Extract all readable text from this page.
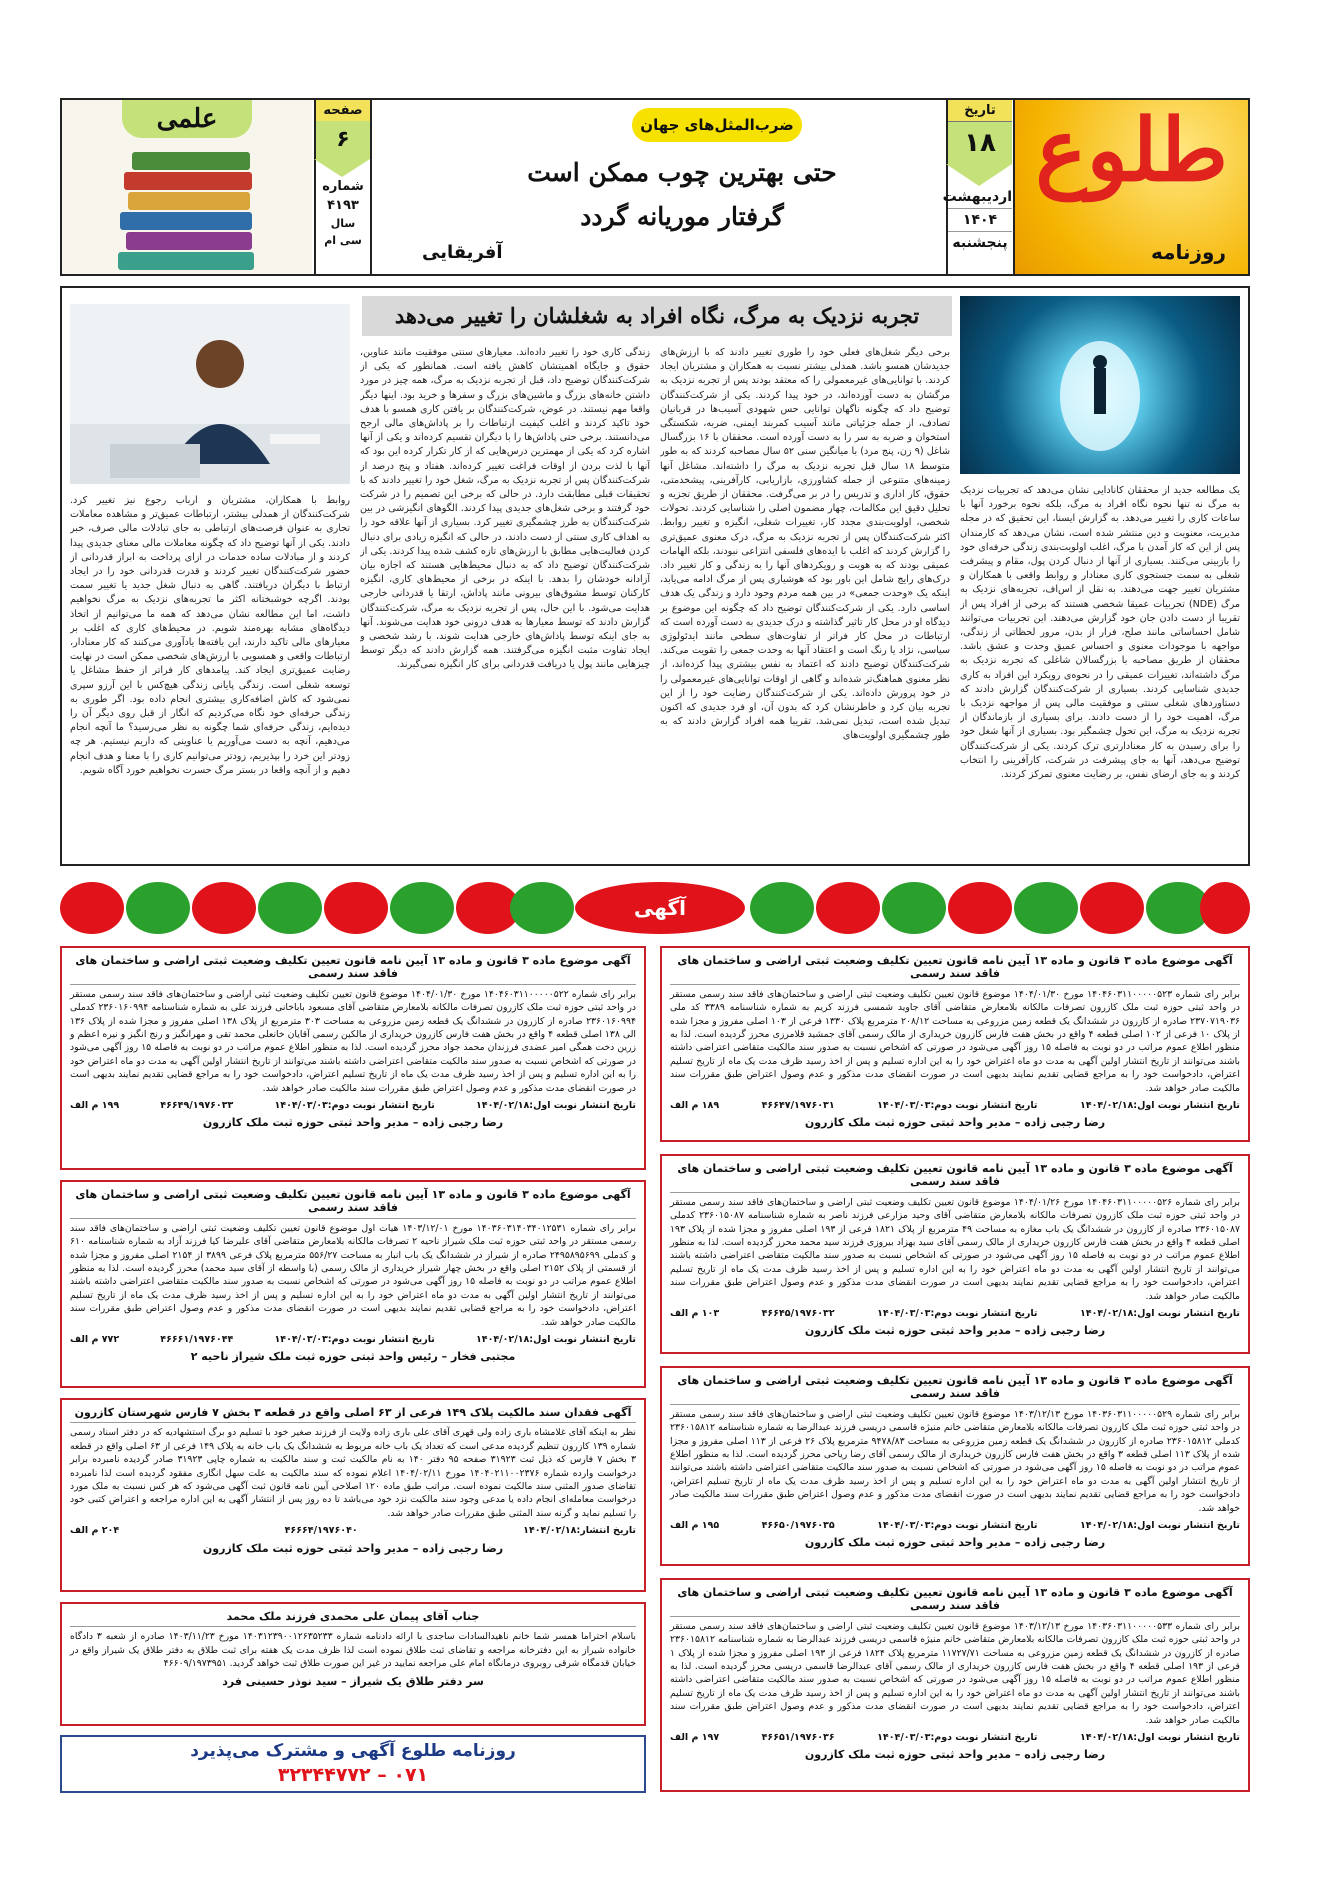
طلوع
روزنامه
تاریخ
۱۸
اردیبهشت
۱۴۰۴
پنجشنبه
ضرب‌المثل‌های جهان
حتی بهترین چوب ممکن است
گرفتار موریانه گردد
آفریقایی
صفحه
۶
شماره
۴۱۹۳
سال
سی ام
علمی
تجربه نزدیک به مرگ، نگاه افراد به شغلشان را تغییر می‌دهد
یک مطالعه جدید از محققان کانادایی نشان می‌دهد که تجربیات نزدیک به مرگ نه تنها نحوه نگاه افراد به مرگ، بلکه نحوه برخورد آنها با ساعات کاری را تغییر می‌دهد. به گزارش ایسنا، این تحقیق که در مجله مدیریت، معنویت و دین منتشر شده است، نشان می‌دهد که کارمندان پس از این که کار آمدن با مرگ، اغلب اولویت‌بندی زندگی حرفه‌ای خود را بازبینی می‌کنند. بسیاری از آنها از دنبال کردن پول، مقام و پیشرفت شغلی به سمت جستجوی کاری معنادار و روابط واقعی با همکاران و مشتریان تغییر جهت می‌دهند. به نقل از اس‌اف، تجربه‌های نزدیک به مرگ (NDE) تجربیات عمیقا شخصی هستند که برخی از افراد پس از تقریبا از دست دادن جان خود گزارش می‌دهند. این تجربیات می‌توانند شامل احساساتی مانند صلح، فرار از بدن، مرور لحظاتی از زندگی، مواجهه با موجودات معنوی و احساس عمیق وحدت و عشق باشد. محققان از طریق مصاحبه با بزرگسالان شاغلی که تجربه نزدیک به مرگ داشته‌اند، تغییرات عمیقی را در نحوه‌ی رویکرد این افراد به کاری جدیدی شناسایی کردند. بسیاری از شرکت‌کنندگان گزارش دادند که دستاوردهای شغلی سنتی و موفقیت مالی پس از مواجهه نزدیک با مرگ، اهمیت خود را از دست دادند. برای بسیاری از بازماندگان از تجربه نزدیک به مرگ، این تحول چشمگیر بود. بسیاری از آنها شغل خود را برای رسیدن به کار معنادارتری ترک کردند. یکی از شرکت‌کنندگان توضیح می‌دهد، آنها به جای پیشرفت در شرکت، کارآفرینی را انتخاب کردند و به جای ارضای نفس، بر رضایت معنوی تمرکز کردند.
برخی دیگر شغل‌های فعلی خود را طوری تغییر دادند که با ارزش‌های جدیدشان همسو باشد. همدلی بیشتر نسبت به همکاران و مشتریان ایجاد کردند. با توانایی‌های غیرمعمولی را که معتقد بودند پس از تجربه نزدیک به مرگشان به دست آورده‌اند، در خود پیدا کردند. یکی از شرکت‌کنندگان توضیح داد که چگونه ناگهان توانایی حس شهودی آسیب‌ها در قربانیان تصادف، از جمله جزئیاتی مانند آسیب کمربند ایمنی، ضربه، شکستگی استخوان و ضربه به سر را به دست آورده است. محققان با ۱۶ بزرگسال شاغل (۹ زن، پنج مرد) با میانگین سنی ۵۲ سال مصاحبه کردند که به طور متوسط ۱۸ سال قبل تجربه نزدیک به مرگ را داشته‌اند. مشاغل آنها زمینه‌های متنوعی از جمله کشاورزی، بازاریابی، کارآفرینی، پیشخدمتی، حقوق، کار اداری و تدریس را در بر می‌گرفت. محققان از طریق تجزیه و تحلیل دقیق این مکالمات، چهار مضمون اصلی را شناسایی کردند. تحولات شخصی، اولویت‌بندی مجدد کار، تغییرات شغلی، انگیزه و تغییر روابط. اکثر شرکت‌کنندگان پس از تجربه نزدیک به مرگ، درک معنوی عمیق‌تری را گزارش کردند که اغلب با ایده‌های فلسفی انتزاعی نبودند، بلکه الهامات عمیقی بودند که به هویت و رویکردهای آنها را به زندگی و کار تغییر داد. درک‌های رایج شامل این باور بود که هوشیاری پس از مرگ ادامه می‌یابد، اینکه یک «وحدت جمعی» در بین همه مردم وجود دارد و زندگی یک هدف اساسی دارد. یکی از شرکت‌کنندگان توضیح داد که چگونه این موضوع بر دیدگاه او در محل کار تاثیر گذاشته و درک جدیدی به دست آورده است که ارتباطات در محل کار فراتر از تفاوت‌های سطحی مانند ایدئولوژی سیاسی، نژاد یا رنگ است و اعتقاد آنها به وحدت جمعی را تقویت می‌کند. شرکت‌کنندگان توضیح دادند که اعتماد به نفس بیشتری پیدا کرده‌اند، از نظر معنوی هماهنگ‌تر شده‌اند و گاهی از اوقات توانایی‌های غیرمعمولی را در خود پرورش داده‌اند. یکی از شرکت‌کنندگان رضایت خود را از این تجربه بیان کرد و خاطرنشان کرد که بدون آن، او فرد جدیدی که اکنون تبدیل شده است، تبدیل نمی‌شد. تقریبا همه افراد گزارش دادند که به طور چشمگیری اولویت‌های
زندگی کاری خود را تغییر داده‌اند. معیارهای سنتی موفقیت مانند عناوین، حقوق و جایگاه اهمیتشان کاهش یافته است. همانطور که یکی از شرکت‌کنندگان توضیح داد، قبل از تجربه نزدیک به مرگ، همه چیز در مورد داشتن خانه‌های بزرگ و ماشین‌های بزرگ و سفرها و خرید بود. اینها دیگر واقعا مهم نیستند. در عوض، شرکت‌کنندگان بر یافتن کاری همسو با هدف خود تاکید کردند و اغلب کیفیت ارتباطات را بر پاداش‌های مالی ارجح می‌دانستند. برخی حتی پاداش‌ها را با دیگران تقسیم کرده‌اند و یکی از آنها اشاره کرد که یکی از مهمترین درس‌هایی که از کار تکرار کرده این بود که آنها با لذت بردن از اوقات فراغت تغییر کرده‌اند. هفتاد و پنج درصد از شرکت‌کنندگان پس از تجربه نزدیک به مرگ، شغل خود را تغییر دادند که با تحقیقات قبلی مطابقت دارد. در حالی که برخی این تصمیم را در شرکت خود گرفتند و برخی شغل‌های جدیدی پیدا کردند. الگوهای انگیزشی در بین شرکت‌کنندگان به طرز چشمگیری تغییر کرد. بسیاری از آنها علاقه خود را به اهداف کاری سنتی از دست دادند، در حالی که انگیزه زیادی برای دنبال کردن فعالیت‌هایی مطابق با ارزش‌های تازه کشف شده پیدا کردند. یکی از شرکت‌کنندگان توضیح داد که به دنبال محیط‌هایی هستند که اجازه بیان آزادانه خودشان را بدهد. با اینکه در برخی از محیط‌های کاری، انگیزه کارکنان توسط مشوق‌های بیرونی مانند پاداش، ارتقا یا قدردانی خارجی هدایت می‌شود. با این حال، پس از تجربه نزدیک به مرگ، شرکت‌کنندگان گزارش دادند که توسط معیارها به هدف درونی خود هدایت می‌شوند. آنها به جای اینکه توسط پاداش‌های خارجی هدایت شوند، با رشد شخصی و ایجاد تفاوت مثبت انگیزه می‌گرفتند. همه گزارش دادند که دیگر توسط چیزهایی مانند پول یا دریافت قدردانی برای کار انگیزه نمی‌گیرند.
روابط با همکاران، مشتریان و ارباب رجوع نیز تغییر کرد. شرکت‌کنندگان از همدلی بیشتر، ارتباطات عمیق‌تر و مشاهده معاملات تجاری به عنوان فرصت‌های ارتباطی به جای تبادلات مالی صرف، خبر دادند. یکی از آنها توضیح داد که چگونه معاملات مالی معنای جدیدی پیدا کردند و از مبادلات ساده خدمات در ازای پرداخت به ابراز قدردانی از حضور شرکت‌کنندگان تغییر کردند و قدرت قدردانی خود را در ایجاد ارتباط با دیگران دریافتند. گاهی به دنبال شغل جدید یا تغییر سمت بودند. اگرچه خوشبختانه اکثر ما تجربه‌های نزدیک به مرگ نخواهیم داشت، اما این مطالعه نشان می‌دهد که همه ما می‌توانیم از اتخاذ دیدگاه‌های مشابه بهره‌مند شویم. در محیط‌های کاری که اغلب بر معیارهای مالی تاکید دارند، این یافته‌ها یادآوری می‌کنند که کار معنادار، ارتباطات واقعی و همسویی با ارزش‌های شخصی ممکن است در نهایت رضایت عمیق‌تری ایجاد کند. پیامدهای کار فراتر از حفظ مشاغل یا توسعه شغلی است. زندگی پایانی زندگی هیچ‌کس با این آرزو سپری نمی‌شود که کاش اضافه‌کاری بیشتری انجام داده بود. اگر طوری به زندگی حرفه‌ای خود نگاه می‌کردیم که انگار از قبل روی دیگر آن را دیده‌ایم، زندگی حرفه‌ای شما چگونه به نظر می‌رسید؟ ما آنچه انجام می‌دهیم، آنچه به دست می‌آوریم یا عناوینی که داریم نیستیم. هر چه زودتر این خرد را بپذیریم، زودتر می‌توانیم کاری را با معنا و هدف انجام دهیم و از آنچه واقعا در بستر مرگ حسرت نخواهیم خورد آگاه شویم.
آگهی
آگهی موضوع ماده ۳ قانون و ماده ۱۳ آیین نامه قانون تعیین تکلیف وضعیت ثبتی اراضی و ساختمان های فاقد سند رسمی
برابر رای شماره ۱۴۰۴۶۰۳۱۱۰۰۰۰۰۵۲۳ مورخ ۱۴۰۴/۰۱/۳۰ موضوع قانون تعیین تکلیف وضعیت ثبتی اراضی و ساختمان‌های فاقد سند رسمی مستقر در واحد ثبتی حوزه ثبت ملک کازرون تصرفات مالکانه بلامعارض متقاضی آقای جاوید شمسی فرزند کریم به شماره شناسنامه ۳۳۸۹ کد ملی ۲۳۷۰۷۱۹۰۳۶ صادره از کازرون در ششدانگ یک قطعه زمین مزروعی به مساحت ۲۰۸/۱۲ مترمربع پلاک ۱۳۳۰ فرعی از ۱۰۳ اصلی مفروز و مجزا شده از پلاک ۱۰ فرعی از ۱۰۲ اصلی قطعه ۴ واقع در بخش هفت فارس کازرون خریداری از مالک رسمی آقای جمشید قلامرزی محرز گردیده است. لذا به منظور اطلاع عموم مراتب در دو نوبت به فاصله ۱۵ روز آگهی می‌شود در صورتی که اشخاص نسبت به صدور سند مالکیت متقاضی اعتراضی داشته باشند می‌توانند از تاریخ انتشار اولین آگهی به مدت دو ماه اعتراض خود را به این اداره تسلیم و پس از اخذ رسید ظرف مدت یک ماه از تاریخ تسلیم اعتراض، دادخواست خود را به مراجع قضایی تقدیم نمایند بدیهی است در صورت انقضای مدت مذکور و عدم وصول اعتراض طبق مقررات سند مالکیت صادر خواهد شد.
تاریخ انتشار نوبت اول:۱۴۰۴/۰۲/۱۸
تاریخ انتشار نوبت دوم:۱۴۰۴/۰۳/۰۳
۴۶۶۴۷/۱۹۷۶۰۳۱
۱۸۹ م الف
رضا رجبی زاده – مدیر واحد ثبتی حوزه ثبت ملک کازرون
آگهی موضوع ماده ۳ قانون و ماده ۱۳ آیین نامه قانون تعیین تکلیف وضعیت ثبتی اراضی و ساختمان های فاقد سند رسمی
برابر رای شماره ۱۴۰۴۶۰۳۱۱۰۰۰۰۰۵۲۶ مورخ ۱۴۰۴/۰۱/۲۶ موضوع قانون تعیین تکلیف وضعیت ثبتی اراضی و ساختمان‌های فاقد سند رسمی مستقر در واحد ثبتی حوزه ثبت ملک کازرون تصرفات مالکانه بلامعارض متقاضی آقای وحید مزارعی فرزند ناصر به شماره شناسنامه ۲۳۶۰۱۵۰۸۷ کدملی ۲۳۶۰۱۵۰۸۷ صادره از کازرون در ششدانگ یک باب مغازه به مساحت ۴۹ مترمربع از پلاک ۱۸۲۱ فرعی از ۱۹۳ اصلی مفروز و مجزا شده از پلاک ۱۹۳ اصلی قطعه ۴ واقع در بخش هفت فارس کازرون خریداری از مالک رسمی آقای سید بهزاد بیروزی فرزند سید محمد محرز گردیده است. لذا به منظور اطلاع عموم مراتب در دو نوبت به فاصله ۱۵ روز آگهی می‌شود در صورتی که اشخاص نسبت به صدور سند مالکیت متقاضی اعتراضی داشته باشند می‌توانند از تاریخ انتشار اولین آگهی به مدت دو ماه اعتراض خود را به این اداره تسلیم و پس از اخذ رسید ظرف مدت یک ماه از تاریخ تسلیم اعتراض، دادخواست خود را به مراجع قضایی تقدیم نمایند بدیهی است در صورت انقضای مدت مذکور و عدم وصول اعتراض طبق مقررات سند مالکیت صادر خواهد شد.
تاریخ انتشار نوبت اول:۱۴۰۴/۰۲/۱۸
تاریخ انتشار نوبت دوم:۱۴۰۴/۰۳/۰۳
۴۶۶۴۵/۱۹۷۶۰۳۲
۱۰۳ م الف
رضا رجبی زاده – مدیر واحد ثبتی حوزه ثبت ملک کازرون
آگهی موضوع ماده ۳ قانون و ماده ۱۳ آیین نامه قانون تعیین تکلیف وضعیت ثبتی اراضی و ساختمان های فاقد سند رسمی
برابر رای شماره ۱۴۰۳۶۰۳۱۱۰۰۰۰۰۵۲۹ مورخ ۱۴۰۳/۱۲/۱۳ موضوع قانون تعیین تکلیف وضعیت ثبتی اراضی و ساختمان‌های فاقد سند رسمی مستقر در واحد ثبتی حوزه ثبت ملک کازرون تصرفات مالکانه بلامعارض متقاضی خانم منیژه قاسمی دریسی فرزند عبدالرضا به شماره شناسنامه ۲۳۶۰۱۵۸۱۲ کدملی ۲۳۶۰۱۵۸۱۲ صادره از کازرون در ششدانگ یک قطعه زمین مزروعی به مساحت ۹۴۷۸/۸۳ مترمربع پلاک ۲۶ فرعی از ۱۱۳ اصلی مفروز و مجزا شده از پلاک ۱۱۳ اصلی قطعه ۳ واقع در بخش هفت فارس کازرون خریداری از مالک رسمی آقای رضا ریاحی محرز گردیده است. لذا به منظور اطلاع عموم مراتب در دو نوبت به فاصله ۱۵ روز آگهی می‌شود در صورتی که اشخاص نسبت به صدور سند مالکیت متقاضی اعتراضی داشته باشند می‌توانند از تاریخ انتشار اولین آگهی به مدت دو ماه اعتراض خود را به این اداره تسلیم و پس از اخذ رسید ظرف مدت یک ماه از تاریخ تسلیم اعتراض، دادخواست خود را به مراجع قضایی تقدیم نمایند بدیهی است در صورت انقضای مدت مذکور و عدم وصول اعتراض طبق مقررات سند مالکیت صادر خواهد شد.
تاریخ انتشار نوبت اول:۱۴۰۴/۰۲/۱۸
تاریخ انتشار نوبت دوم:۱۴۰۴/۰۳/۰۳
۴۶۶۵۰/۱۹۷۶۰۳۵
۱۹۵ م الف
رضا رجبی زاده – مدیر واحد ثبتی حوزه ثبت ملک کازرون
آگهی موضوع ماده ۳ قانون و ماده ۱۳ آیین نامه قانون تعیین تکلیف وضعیت ثبتی اراضی و ساختمان های فاقد سند رسمی
برابر رای شماره ۱۴۰۳۶۰۳۱۱۰۰۰۰۰۵۳۳ مورخ ۱۴۰۳/۱۲/۱۳ موضوع قانون تعیین تکلیف وضعیت ثبتی اراضی و ساختمان‌های فاقد سند رسمی مستقر در واحد ثبتی حوزه ثبت ملک کازرون تصرفات مالکانه بلامعارض متقاضی خانم منیژه قاسمی دریسی فرزند عبدالرضا به شماره شناسنامه ۲۳۶۰۱۵۸۱۲ صادره از کازرون در ششدانگ یک قطعه زمین مزروعی به مساحت ۱۱۷۲۷/۷۱ مترمربع پلاک ۱۸۲۴ فرعی از ۱۹۳ اصلی مفروز و مجزا شده از پلاک ۱ فرعی از ۱۹۳ اصلی قطعه ۴ واقع در بخش هفت فارس کازرون خریداری از مالک رسمی آقای عبدالرضا قاسمی دریسی محرز گردیده است. لذا به منظور اطلاع عموم مراتب در دو نوبت به فاصله ۱۵ روز آگهی می‌شود در صورتی که اشخاص نسبت به صدور سند مالکیت متقاضی اعتراضی داشته باشند می‌توانند از تاریخ انتشار اولین آگهی به مدت دو ماه اعتراض خود را به این اداره تسلیم و پس از اخذ رسید ظرف مدت یک ماه از تاریخ تسلیم اعتراض، دادخواست خود را به مراجع قضایی تقدیم نمایند بدیهی است در صورت انقضای مدت مذکور و عدم وصول اعتراض طبق مقررات سند مالکیت صادر خواهد شد.
تاریخ انتشار نوبت اول:۱۴۰۴/۰۲/۱۸
تاریخ انتشار نوبت دوم:۱۴۰۴/۰۳/۰۳
۴۶۶۵۱/۱۹۷۶۰۳۶
۱۹۷ م الف
رضا رجبی زاده – مدیر واحد ثبتی حوزه ثبت ملک کازرون
آگهی موضوع ماده ۳ قانون و ماده ۱۳ آیین نامه قانون تعیین تکلیف وضعیت ثبتی اراضی و ساختمان های فاقد سند رسمی
برابر رای شماره ۱۴۰۴۶۰۳۱۱۰۰۰۰۰۵۲۲ مورخ ۱۴۰۴/۰۱/۳۰ موضوع قانون تعیین تکلیف وضعیت ثبتی اراضی و ساختمان‌های فاقد سند رسمی مستقر در واحد ثبتی حوزه ثبت ملک کازرون تصرفات مالکانه بلامعارض متقاضی آقای مسعود باباخانی فرزند علی به شماره شناسنامه ۲۳۶۰۱۶۰۹۹۴ کدملی ۲۳۶۰۱۶۰۹۹۴ صادره از کازرون در ششدانگ یک قطعه زمین مزروعی به مساحت ۳۰۳ مترمربع از پلاک ۱۳۸ اصلی مفروز و مجزا شده از پلاک ۱۳۶ الی ۱۳۸ اصلی قطعه ۴ واقع در بخش هفت فارس کازرون خریداری از مالکین رسمی آقایان خانعلی محمد تقی و مهرانگیز و رنج انگیز و نیره اعظم و زرین دخت همگی امیر عضدی فرزندان محمد جواد محرز گردیده است. لذا به منظور اطلاع عموم مراتب در دو نوبت به فاصله ۱۵ روز آگهی می‌شود در صورتی که اشخاص نسبت به صدور سند مالکیت متقاضی اعتراضی داشته باشند می‌توانند از تاریخ انتشار اولین آگهی به مدت دو ماه اعتراض خود را به این اداره تسلیم و پس از اخذ رسید ظرف مدت یک ماه از تاریخ تسلیم اعتراض، دادخواست خود را به مراجع قضایی تقدیم نمایند بدیهی است در صورت انقضای مدت مذکور و عدم وصول اعتراض طبق مقررات سند مالکیت صادر خواهد شد.
تاریخ انتشار نوبت اول:۱۴۰۴/۰۲/۱۸
تاریخ انتشار نوبت دوم:۱۴۰۴/۰۳/۰۳
۴۶۶۴۹/۱۹۷۶۰۳۳
۱۹۹ م الف
رضا رجبی زاده – مدیر واحد ثبتی حوزه ثبت ملک کازرون
آگهی موضوع ماده ۳ قانون و ماده ۱۳ آیین نامه قانون تعیین تکلیف وضعیت ثبتی اراضی و ساختمان های فاقد سند رسمی
برابر رای شماره ۱۴۰۳۶۰۳۱۴۰۳۴۰۱۲۵۳۱ مورخ ۱۴۰۳/۱۲/۰۱ هیات اول موضوع قانون تعیین تکلیف وضعیت ثبتی اراضی و ساختمان‌های فاقد سند رسمی مستقر در واحد ثبتی حوزه ثبت ملک شیراز ناحیه ۲ تصرفات مالکانه بلامعارض متقاضی آقای علیرضا کیا فرزند آزاد به شماره شناسنامه ۶۱۰ و کدملی ۲۴۹۵۸۹۵۶۹۹ صادره از شیراز در ششدانگ یک باب انبار به مساحت ۵۵۶/۲۷ مترمربع پلاک فرعی ۳۸۹۹ از ۲۱۵۴ اصلی مفروز و مجزا شده از قسمتی از پلاک ۲۱۵۲ اصلی واقع در بخش چهار شیراز خریداری از مالک رسمی (با واسطه از آقای سید محمد) محرز گردیده است. لذا به منظور اطلاع عموم مراتب در دو نوبت به فاصله ۱۵ روز آگهی می‌شود در صورتی که اشخاص نسبت به صدور سند مالکیت متقاضی اعتراضی داشته باشند می‌توانند از تاریخ انتشار اولین آگهی به مدت دو ماه اعتراض خود را به این اداره تسلیم و پس از اخذ رسید ظرف مدت یک ماه از تاریخ تسلیم اعتراض، دادخواست خود را به مراجع قضایی تقدیم نمایند بدیهی است در صورت انقضای مدت مذکور و عدم وصول اعتراض طبق مقررات سند مالکیت صادر خواهد شد.
تاریخ انتشار نوبت اول:۱۴۰۴/۰۲/۱۸
تاریخ انتشار نوبت دوم:۱۴۰۴/۰۳/۰۳
۴۶۶۶۱/۱۹۷۶۰۴۴
۷۷۲ م الف
مجتبی فخار – رئیس واحد ثبتی حوزه ثبت ملک شیراز ناحیه ۲
آگهی فقدان سند مالکیت پلاک ۱۴۹ فرعی از ۶۳ اصلی واقع در قطعه ۳ بخش ۷ فارس شهرستان کازرون
نظر به اینکه آقای غلامشاه باری زاده ولی قهری آقای علی باری زاده ولایت از فرزند صغیر خود با تسلیم دو برگ استشهادیه که در دفتر اسناد رسمی شماره ۱۳۹ کازرون تنظیم گردیده مدعی است که تعداد یک باب خانه مربوط به ششدانگ یک باب خانه به پلاک ۱۴۹ فرعی از ۶۳ اصلی واقع در قطعه ۳ بخش ۷ فارس که ذیل ثبت ۳۱۹۲۳ صفحه ۹۵ دفتر ۱۴۰ به نام مالکیت ثبت و سند مالکیت به شماره چاپی ۳۱۹۲۳ صادر گردیده نامبرده برابر درخواست وارده شماره ۱۴۰۴۰۲۱۱۰۰۲۳۷۶ مورخ ۱۴۰۴/۰۲/۱۱ اعلام نموده که سند مالکیت به علت سهل انگاری مفقود گردیده است لذا نامبرده تقاضای صدور المثنی سند مالکیت نموده است. مراتب طبق ماده ۱۲۰ اصلاحی آیین نامه قانون ثبت آگهی می‌شود که هر کس نسبت به ملک مورد درخواست معامله‌ای انجام داده یا مدعی وجود سند مالکیت نزد خود می‌باشد تا ده روز پس از انتشار آگهی به این اداره مراجعه و اعتراض کتبی خود را تسلیم نماید و گرنه سند المثنی طبق مقررات صادر خواهد شد.
تاریخ انتشار:۱۴۰۴/۰۲/۱۸
۴۶۶۶۴/۱۹۷۶۰۴۰
۲۰۴ م الف
رضا رجبی زاده – مدیر واحد ثبتی حوزه ثبت ملک کازرون
جناب آقای پیمان علی محمدی فرزند ملک محمد
باسلام احتراما همسر شما خانم ناهیدالسادات ساجدی با ارائه دادنامه شماره ۱۴۰۳۱۲۳۹۰۰۱۲۶۳۵۲۳۳ مورخ ۱۴۰۳/۱۱/۲۳ صادره از شعبه ۳ دادگاه خانواده شیراز به این دفترخانه مراجعه و تقاضای ثبت طلاق نموده است لذا ظرف مدت یک هفته برای ثبت طلاق به دفتر طلاق یک شیراز واقع در خیابان قدمگاه شرقی روبروی درمانگاه امام علی مراجعه نمایید در غیر این صورت طلاق ثبت خواهد گردید. ۴۶۶۰۹/۱۹۷۳۹۵۱
سر دفتر طلاق یک شیراز – سید نوذر حسینی فرد
روزنامه طلوع آگهی و مشترک می‌پذیرد
۰۷۱ – ۳۲۳۴۴۷۷۲
